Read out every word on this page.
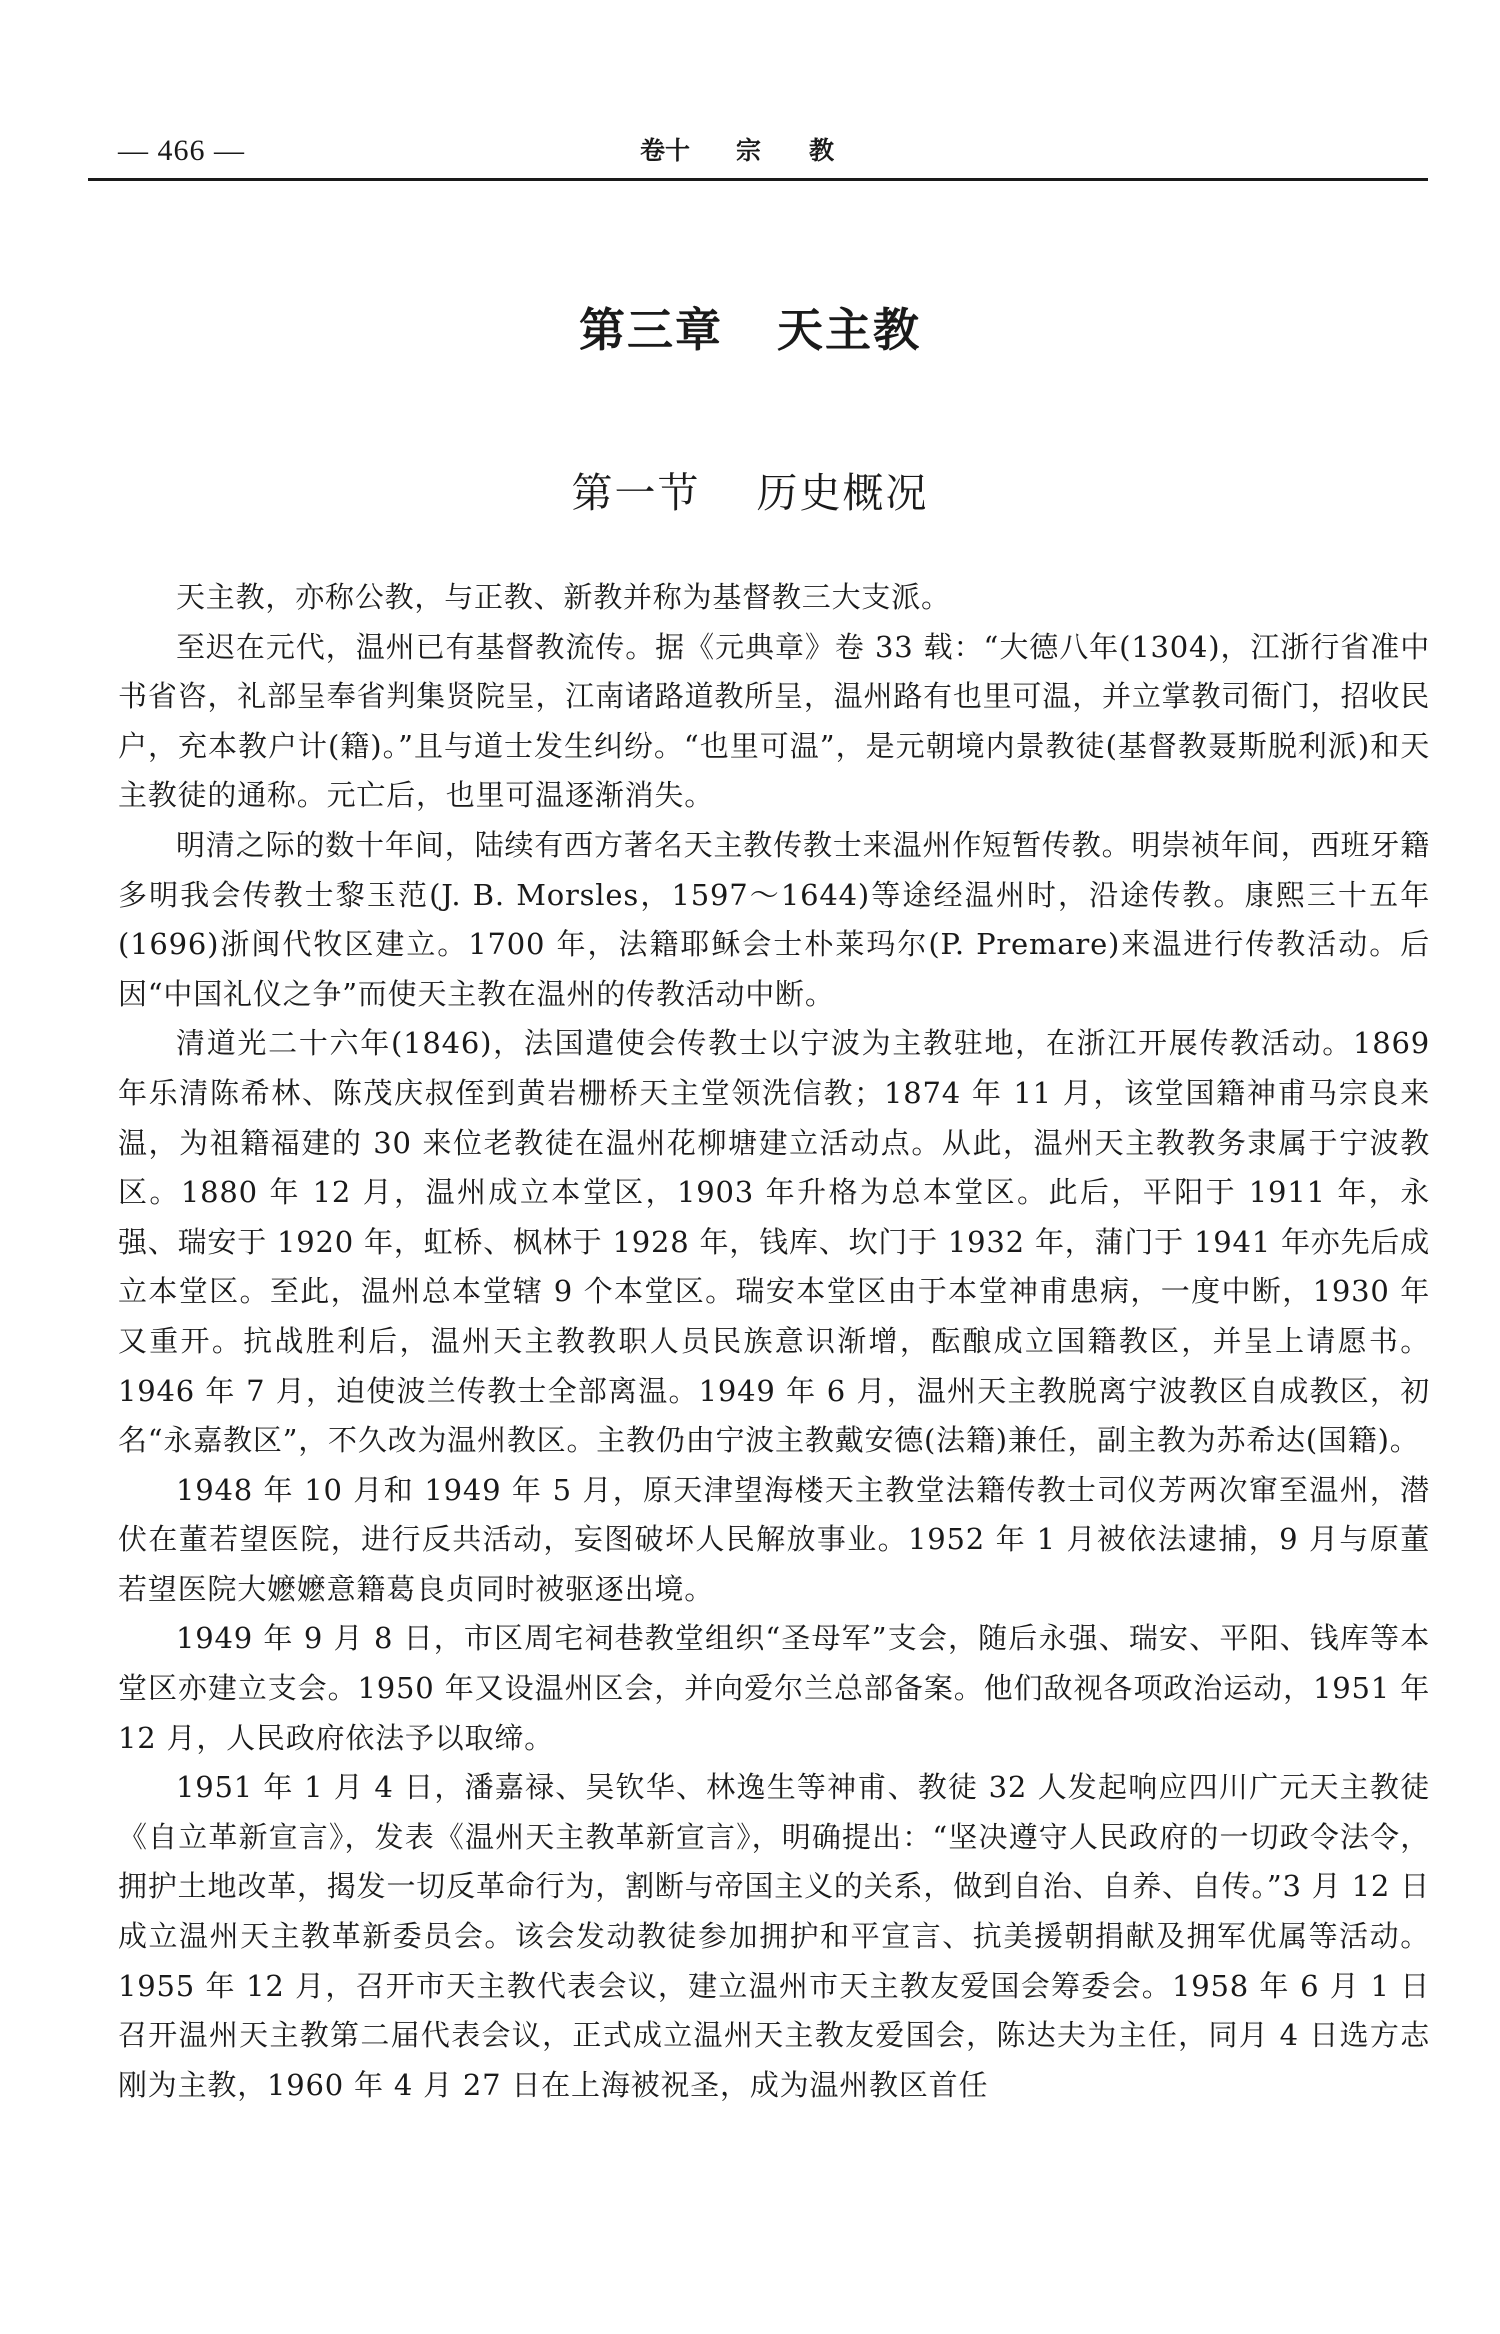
— 466 —	卷十 宗 教
第三章 天主教
第一节 历史概况

天主教，亦称公教，与正教、新教并称为基督教三大支派。

至迟在元代，温州已有基督教流传。据《元典章》卷 33 载：“大德八年(1304)，江浙行省准中书省咨，礼部呈奉省判集贤院呈，江南诸路道教所呈，温州路有也里可温，并立掌教司衙门，招收民户，充本教户计(籍)。”且与道士发生纠纷。“也里可温”，是元朝境内景教徒(基督教聂斯脱利派)和天主教徒的通称。元亡后，也里可温逐渐消失。

明清之际的数十年间，陆续有西方著名天主教传教士来温州作短暂传教。明崇祯年间，西班牙籍多明我会传教士黎玉范(J. B. Morsles，1597～1644)等途经温州时，沿途传教。康熙三十五年(1696)浙闽代牧区建立。1700 年，法籍耶稣会士朴莱玛尔(P. Premare)来温进行传教活动。后因“中国礼仪之争”而使天主教在温州的传教活动中断。

清道光二十六年(1846)，法国遣使会传教士以宁波为主教驻地，在浙江开展传教活动。1869 年乐清陈希林、陈茂庆叔侄到黄岩栅桥天主堂领洗信教；1874 年 11 月，该堂国籍神甫马宗良来温，为祖籍福建的 30 来位老教徒在温州花柳塘建立活动点。从此，温州天主教教务隶属于宁波教区。1880 年 12 月，温州成立本堂区，1903 年升格为总本堂区。此后，平阳于 1911 年，永强、瑞安于 1920 年，虹桥、枫林于 1928 年，钱库、坎门于 1932 年，蒲门于 1941 年亦先后成立本堂区。至此，温州总本堂辖 9 个本堂区。瑞安本堂区由于本堂神甫患病，一度中断，1930 年又重开。抗战胜利后，温州天主教教职人员民族意识渐增，酝酿成立国籍教区，并呈上请愿书。1946 年 7 月，迫使波兰传教士全部离温。1949 年 6 月，温州天主教脱离宁波教区自成教区，初名“永嘉教区”，不久改为温州教区。主教仍由宁波主教戴安德(法籍)兼任，副主教为苏希达(国籍)。

1948 年 10 月和 1949 年 5 月，原天津望海楼天主教堂法籍传教士司仪芳两次窜至温州，潜伏在董若望医院，进行反共活动，妄图破坏人民解放事业。1952 年 1 月被依法逮捕，9 月与原董若望医院大嬷嬷意籍葛良贞同时被驱逐出境。

1949 年 9 月 8 日，市区周宅祠巷教堂组织“圣母军”支会，随后永强、瑞安、平阳、钱库等本堂区亦建立支会。1950 年又设温州区会，并向爱尔兰总部备案。他们敌视各项政治运动，1951 年 12 月，人民政府依法予以取缔。

1951 年 1 月 4 日，潘嘉禄、吴钦华、林逸生等神甫、教徒 32 人发起响应四川广元天主教徒《自立革新宣言》，发表《温州天主教革新宣言》，明确提出：“坚决遵守人民政府的一切政令法令，拥护土地改革，揭发一切反革命行为，割断与帝国主义的关系，做到自治、自养、自传。”3 月 12 日成立温州天主教革新委员会。该会发动教徒参加拥护和平宣言、抗美援朝捐献及拥军优属等活动。1955 年 12 月，召开市天主教代表会议，建立温州市天主教友爱国会筹委会。1958 年 6 月 1 日召开温州天主教第二届代表会议，正式成立温州天主教友爱国会，陈达夫为主任，同月 4 日选方志刚为主教，1960 年 4 月 27 日在上海被祝圣，成为温州教区首任
